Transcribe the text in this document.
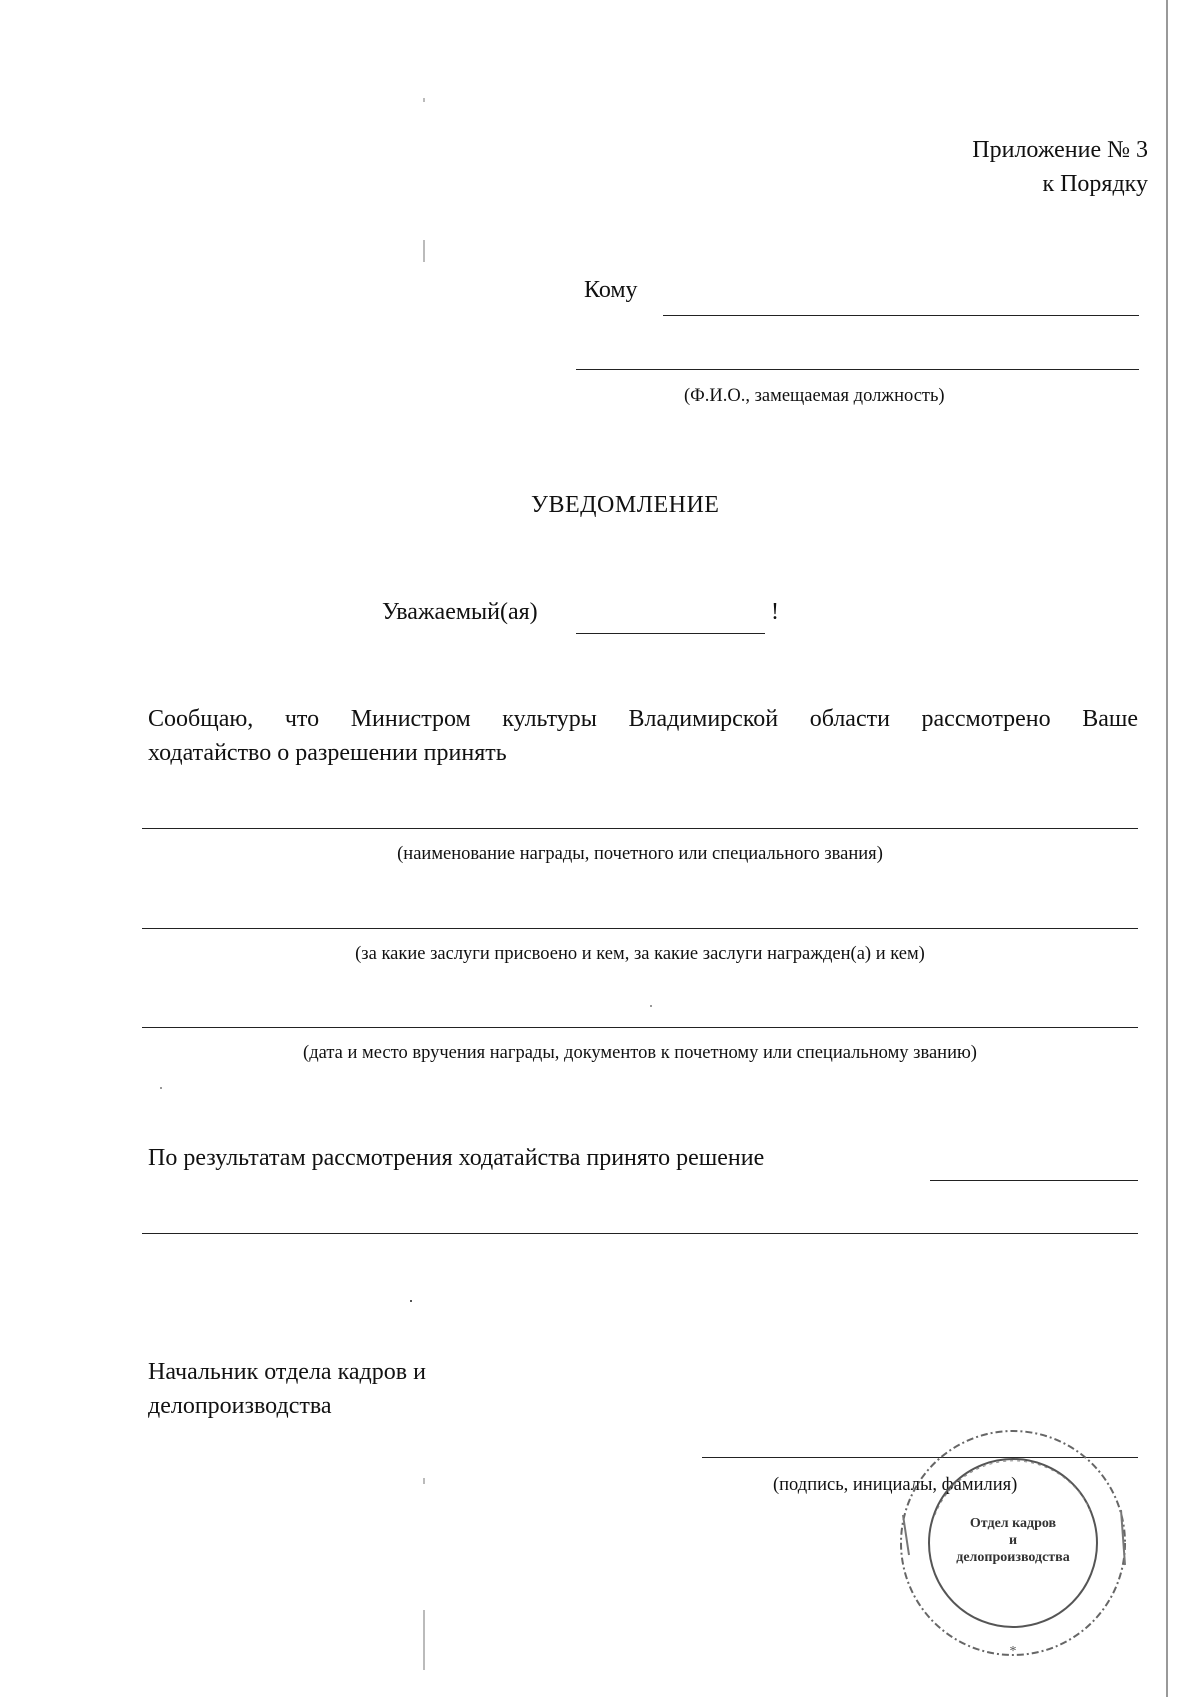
Приложение № 3
к Порядку
Кому
(Ф.И.О., замещаемая должность)
УВЕДОМЛЕНИЕ
Уважаемый(ая)	!
Сообщаю, что Министром культуры Владимирской области рассмотрено Ваше
ходатайство о разрешении принять
(наименование награды, почетного или специального звания)
(за какие заслуги присвоено и кем, за какие заслуги награжден(а) и кем)
(дата и место вручения награды, документов к почетному или специальному званию)
По результатам рассмотрения ходатайства принято решение
Начальник отдела кадров и
делопроизводства
(подпись, инициалы, фамилия)
*
Отдел кадров
и
делопроизводства
